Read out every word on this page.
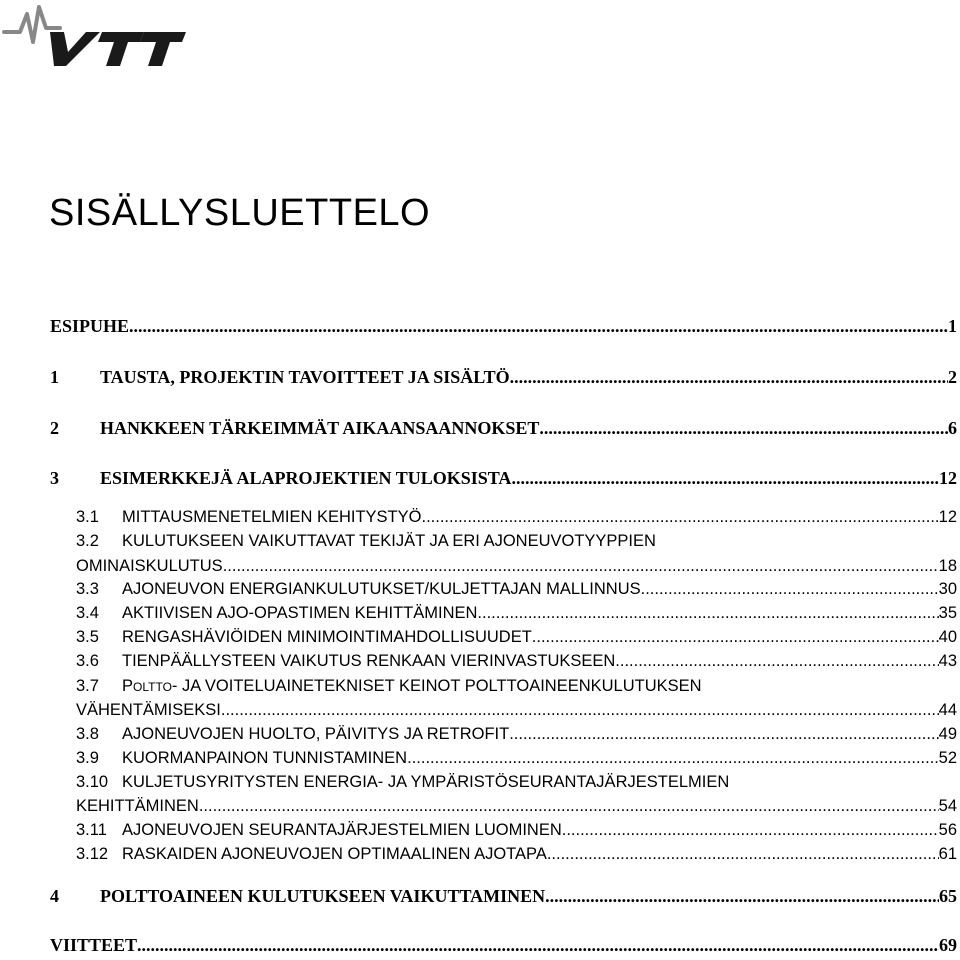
SISÄLLYSLUETTELO
ESIPUHE .....	1
1	TAUSTA, PROJEKTIN TAVOITTEET JA SISÄLTÖ .....	2
2	HANKKEEN TÄRKEIMMÄT AIKAANSAANNOKSET .....	6
3	ESIMERKKEJÄ ALAPROJEKTIEN TULOKSISTA .....	12
3.1	MITTAUSMENETELMIEN KEHITYSTYÖ .....	12
3.2	KULUTUKSEEN VAIKUTTAVAT TEKIJÄT JA ERI AJONEUVOTYYPPIEN
OMINAISKULUTUS .....	18
3.3	AJONEUVON ENERGIANKULUTUKSET/KULJETTAJAN MALLINNUS .....	30
3.4	AKTIIVISEN AJO-OPASTIMEN KEHITTÄMINEN .....	35
3.5	RENGASHÄVIÖIDEN MINIMOINTIMAHDOLLISUUDET .....	40
3.6	TIENPÄÄLLYSTEEN VAIKUTUS RENKAAN VIERINVASTUKSEEN .....	43
3.7	POLTTO- JA VOITELUAINETEKNISET KEINOT POLTTOAINEENKULUTUKSEN
VÄHENTÄMISEKSI .....	44
3.8	AJONEUVOJEN HUOLTO, PÄIVITYS JA RETROFIT .....	49
3.9	KUORMANPAINON TUNNISTAMINEN .....	52
3.10 KULJETUSYRITYSTEN ENERGIA- JA YMPÄRISTÖSEURANTAJÄRJESTELMIEN
KEHITTÄMINEN .....	54
3.11 AJONEUVOJEN SEURANTAJÄRJESTELMIEN LUOMINEN .....	56
3.12 RASKAIDEN AJONEUVOJEN OPTIMAALINEN AJOTAPA .....	61
4	POLTTOAINEEN KULUTUKSEEN VAIKUTTAMINEN .....	65
VIITTEET .....	69
